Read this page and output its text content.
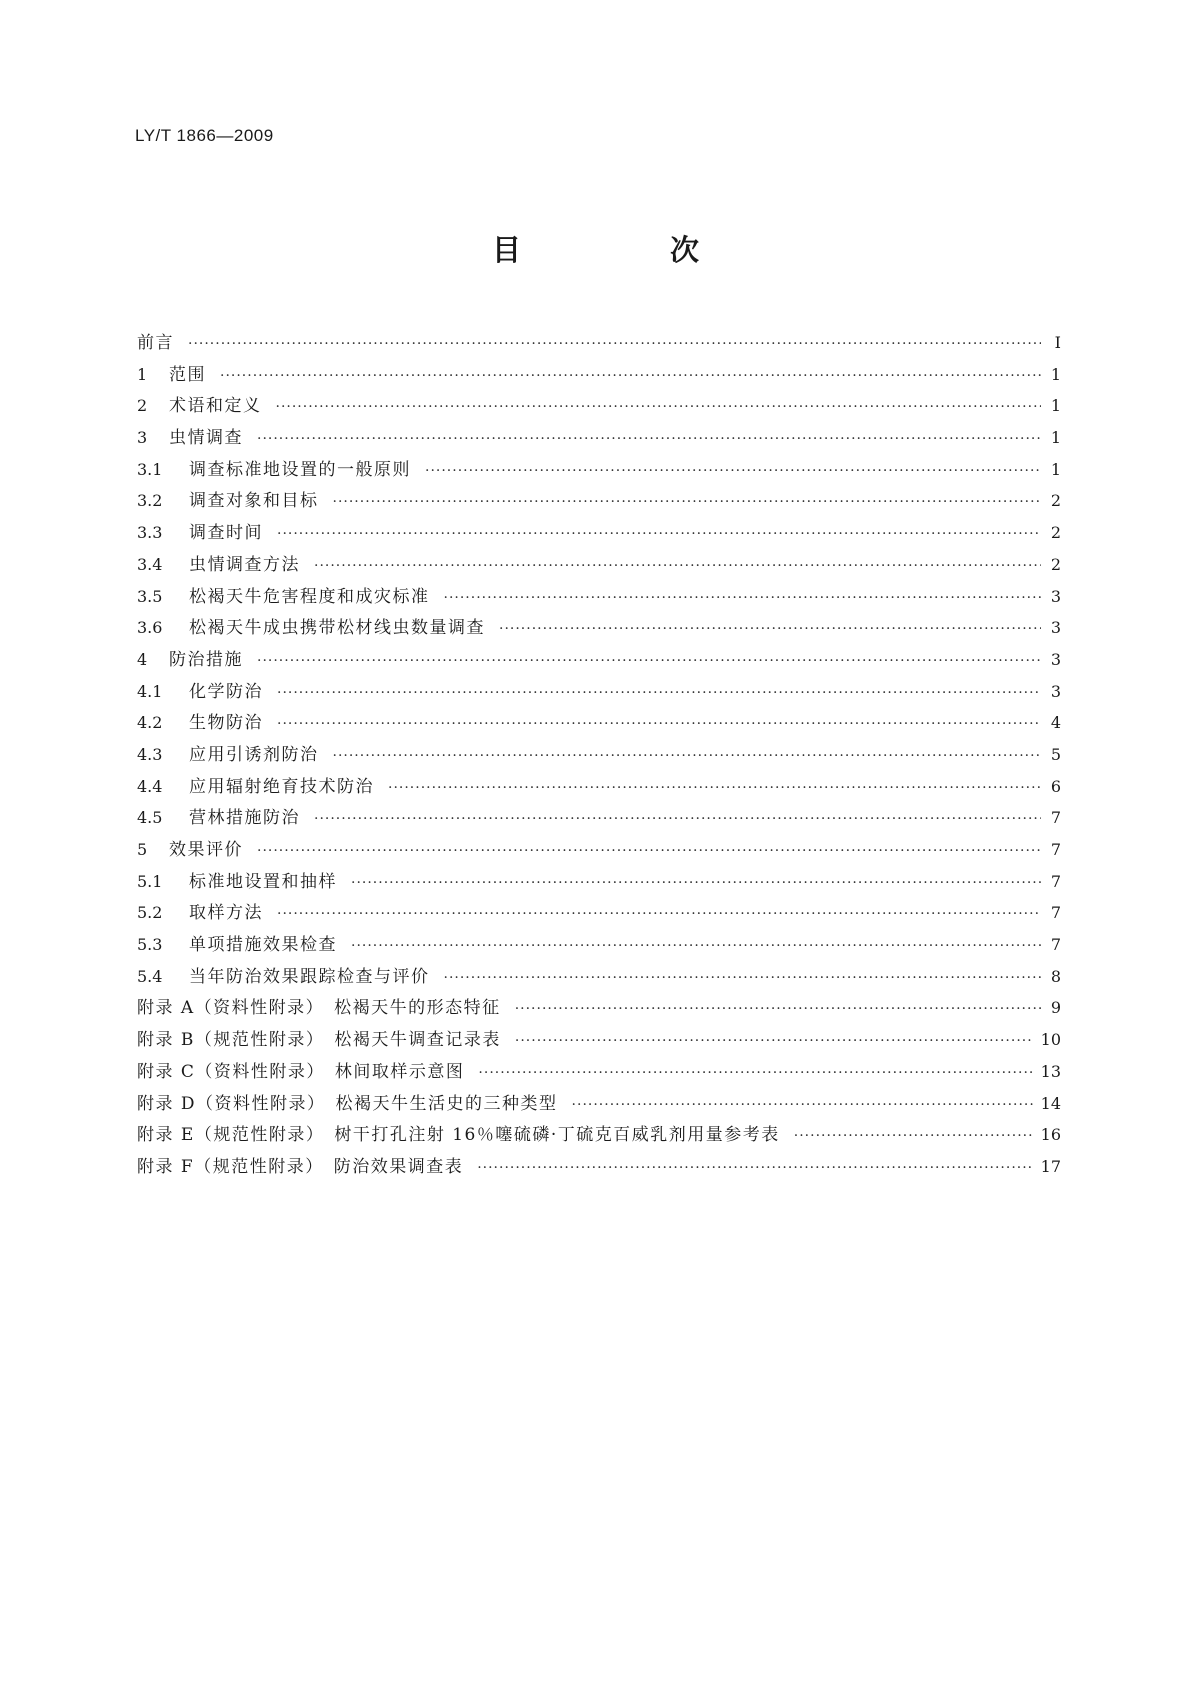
LY/T 1866—2009
目　次
前言 ·····	Ⅰ
1	范围 ·····	1
2	术语和定义 ·····	1
3	虫情调查 ·····	1
3.1	调查标准地设置的一般原则 ·····	1
3.2	调查对象和目标 ·····	2
3.3	调查时间 ·····	2
3.4	虫情调查方法 ·····	2
3.5	松褐天牛危害程度和成灾标准 ·····	3
3.6	松褐天牛成虫携带松材线虫数量调查 ·····	3
4	防治措施 ·····	3
4.1	化学防治 ·····	3
4.2	生物防治 ·····	4
4.3	应用引诱剂防治 ·····	5
4.4	应用辐射绝育技术防治 ·····	6
4.5	营林措施防治 ·····	7
5	效果评价 ·····	7
5.1	标准地设置和抽样 ·····	7
5.2	取样方法 ·····	7
5.3	单项措施效果检查 ·····	7
5.4	当年防治效果跟踪检查与评价 ·····	8
附录 A（资料性附录）　松褐天牛的形态特征 ·····	9
附录 B（规范性附录）　松褐天牛调查记录表 ·····	10
附录 C（资料性附录）　林间取样示意图 ·····	13
附录 D（资料性附录）　松褐天牛生活史的三种类型 ·····	14
附录 E（规范性附录）　树干打孔注射 16％噻硫磷·丁硫克百威乳剂用量参考表 ·····	16
附录 F（规范性附录）　防治效果调查表 ·····	17
